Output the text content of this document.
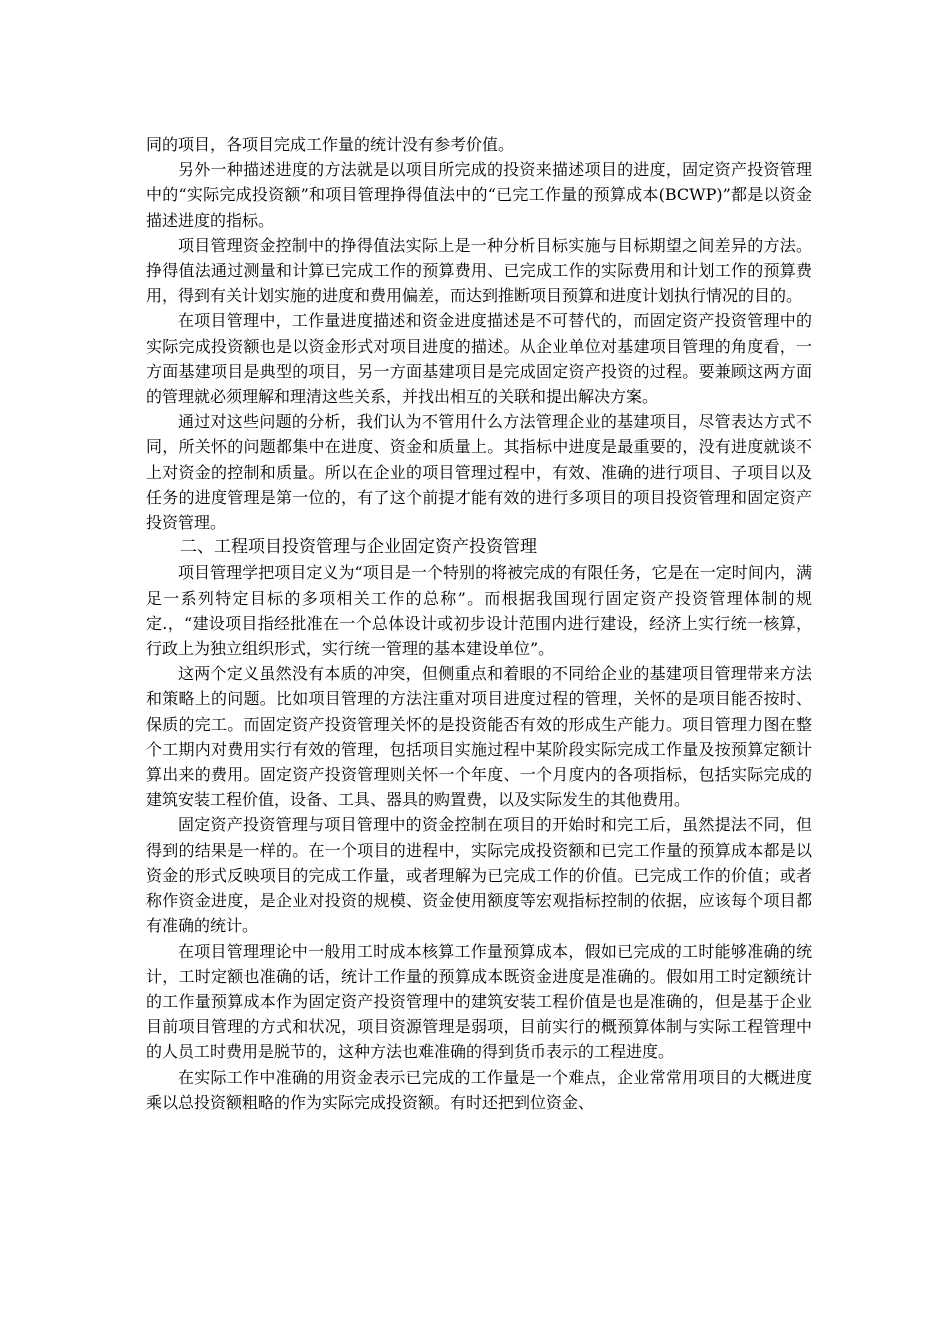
同的项目，各项目完成工作量的统计没有参考价值。

另外一种描述进度的方法就是以项目所完成的投资来描述项目的进度，固定资产投资管理中的“实际完成投资额”和项目管理挣得值法中的“已完工作量的预算成本(BCWP)”都是以资金描述进度的指标。

项目管理资金控制中的挣得值法实际上是一种分析目标实施与目标期望之间差异的方法。挣得值法通过测量和计算已完成工作的预算费用、已完成工作的实际费用和计划工作的预算费用，得到有关计划实施的进度和费用偏差，而达到推断项目预算和进度计划执行情况的目的。

在项目管理中，工作量进度描述和资金进度描述是不可替代的，而固定资产投资管理中的实际完成投资额也是以资金形式对项目进度的描述。从企业单位对基建项目管理的角度看，一方面基建项目是典型的项目，另一方面基建项目是完成固定资产投资的过程。要兼顾这两方面的管理就必须理解和理清这些关系，并找出相互的关联和提出解决方案。

通过对这些问题的分析，我们认为不管用什么方法管理企业的基建项目，尽管表达方式不同，所关怀的问题都集中在进度、资金和质量上。其指标中进度是最重要的，没有进度就谈不上对资金的控制和质量。所以在企业的项目管理过程中，有效、准确的进行项目、子项目以及任务的进度管理是第一位的，有了这个前提才能有效的进行多项目的项目投资管理和固定资产投资管理。

二、工程项目投资管理与企业固定资产投资管理

项目管理学把项目定义为“项目是一个特别的将被完成的有限任务，它是在一定时间内，满足一系列特定目标的多项相关工作的总称”。而根据我国现行固定资产投资管理体制的规定.，“建设项目指经批准在一个总体设计或初步设计范围内进行建设，经济上实行统一核算，行政上为独立组织形式，实行统一管理的基本建设单位”。

这两个定义虽然没有本质的冲突，但侧重点和着眼的不同给企业的基建项目管理带来方法和策略上的问题。比如项目管理的方法注重对项目进度过程的管理，关怀的是项目能否按时、保质的完工。而固定资产投资管理关怀的是投资能否有效的形成生产能力。项目管理力图在整个工期内对费用实行有效的管理，包括项目实施过程中某阶段实际完成工作量及按预算定额计算出来的费用。固定资产投资管理则关怀一个年度、一个月度内的各项指标，包括实际完成的建筑安装工程价值，设备、工具、器具的购置费，以及实际发生的其他费用。

固定资产投资管理与项目管理中的资金控制在项目的开始时和完工后，虽然提法不同，但得到的结果是一样的。在一个项目的进程中，实际完成投资额和已完工作量的预算成本都是以资金的形式反映项目的完成工作量，或者理解为已完成工作的价值。已完成工作的价值；或者称作资金进度，是企业对投资的规模、资金使用额度等宏观指标控制的依据，应该每个项目都有准确的统计。

在项目管理理论中一般用工时成本核算工作量预算成本，假如已完成的工时能够准确的统计，工时定额也准确的话，统计工作量的预算成本既资金进度是准确的。假如用工时定额统计的工作量预算成本作为固定资产投资管理中的建筑安装工程价值是也是准确的，但是基于企业目前项目管理的方式和状况，项目资源管理是弱项，目前实行的概预算体制与实际工程管理中的人员工时费用是脱节的，这种方法也难准确的得到货币表示的工程进度。

在实际工作中准确的用资金表示已完成的工作量是一个难点，企业常常用项目的大概进度乘以总投资额粗略的作为实际完成投资额。有时还把到位资金、
